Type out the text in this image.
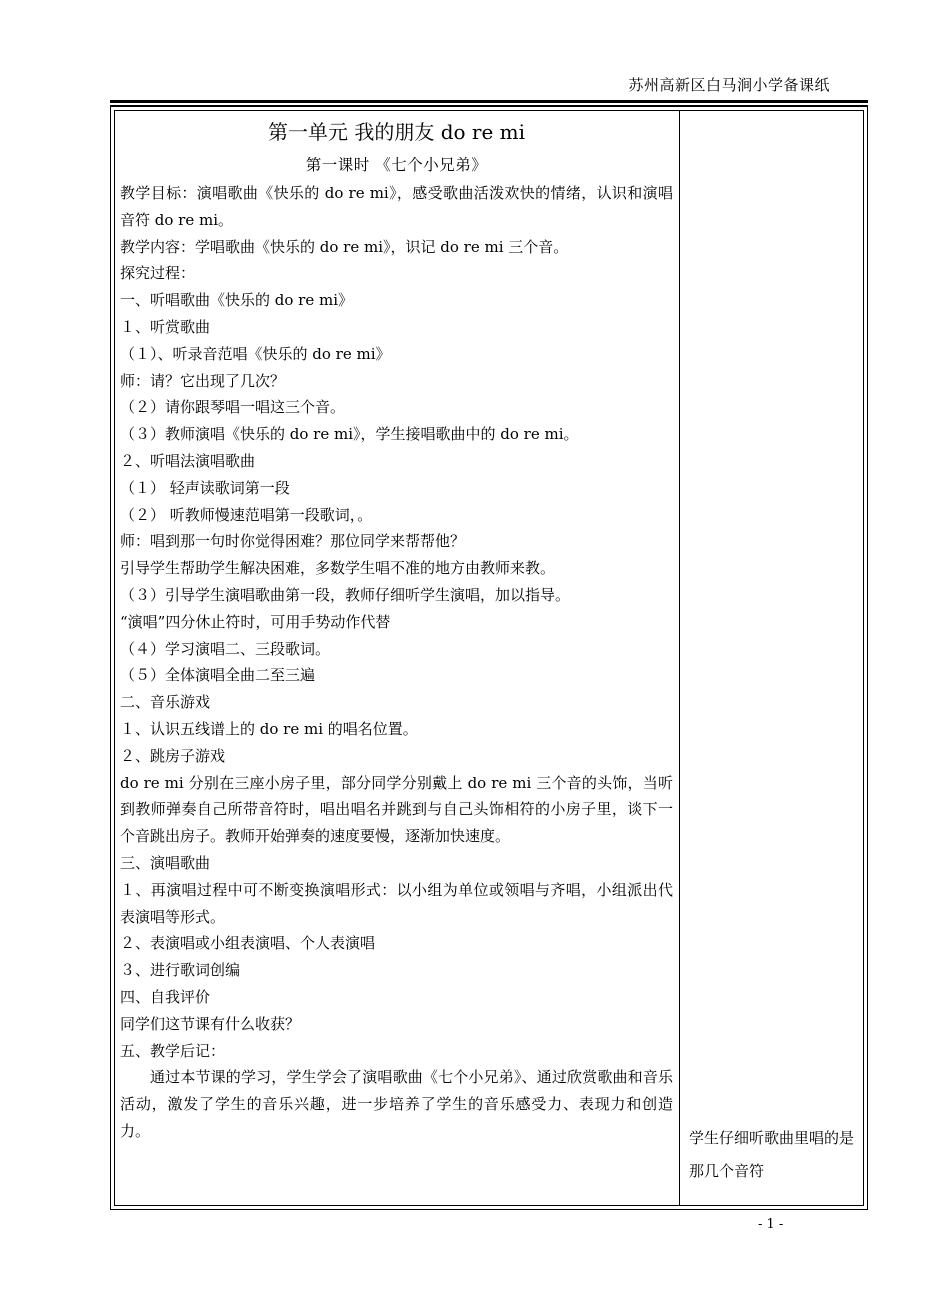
苏州高新区白马涧小学备课纸
第一单元 我的朋友 do re mi
第一课时 《七个小兄弟》

教学目标：演唱歌曲《快乐的 do re mi》，感受歌曲活泼欢快的情绪，认识和演唱音符 do re mi。

教学内容：学唱歌曲《快乐的 do re mi》，识记 do re mi 三个音。

探究过程：

一、听唱歌曲《快乐的 do re mi》

１、听赏歌曲

（１）、听录音范唱《快乐的 do re mi》

师：请？它出现了几次？

（２）请你跟琴唱一唱这三个音。

（３）教师演唱《快乐的 do re mi》，学生接唱歌曲中的 do re mi。

２、听唱法演唱歌曲

（１） 轻声读歌词第一段

（２） 听教师慢速范唱第一段歌词，。

师：唱到那一句时你觉得困难？那位同学来帮帮他？

引导学生帮助学生解决困难，多数学生唱不准的地方由教师来教。

（３）引导学生演唱歌曲第一段，教师仔细听学生演唱，加以指导。

“演唱”四分休止符时，可用手势动作代替

（４）学习演唱二、三段歌词。

（５）全体演唱全曲二至三遍

二、音乐游戏

１、认识五线谱上的 do re mi 的唱名位置。

２、跳房子游戏

do re mi 分别在三座小房子里，部分同学分别戴上 do re mi 三个音的头饰，当听到教师弹奏自己所带音符时，唱出唱名并跳到与自己头饰相符的小房子里，谈下一个音跳出房子。教师开始弹奏的速度要慢，逐渐加快速度。

三、演唱歌曲

１、再演唱过程中可不断变换演唱形式：以小组为单位或领唱与齐唱，小组派出代表演唱等形式。

２、表演唱或小组表演唱、个人表演唱

３、进行歌词创编

四、自我评价

同学们这节课有什么收获？

五、教学后记：

通过本节课的学习，学生学会了演唱歌曲《七个小兄弟》、通过欣赏歌曲和音乐活动，激发了学生的音乐兴趣，进一步培养了学生的音乐感受力、表现力和创造力。	学生仔细听歌曲里唱的是那几个音符
- 1 -
